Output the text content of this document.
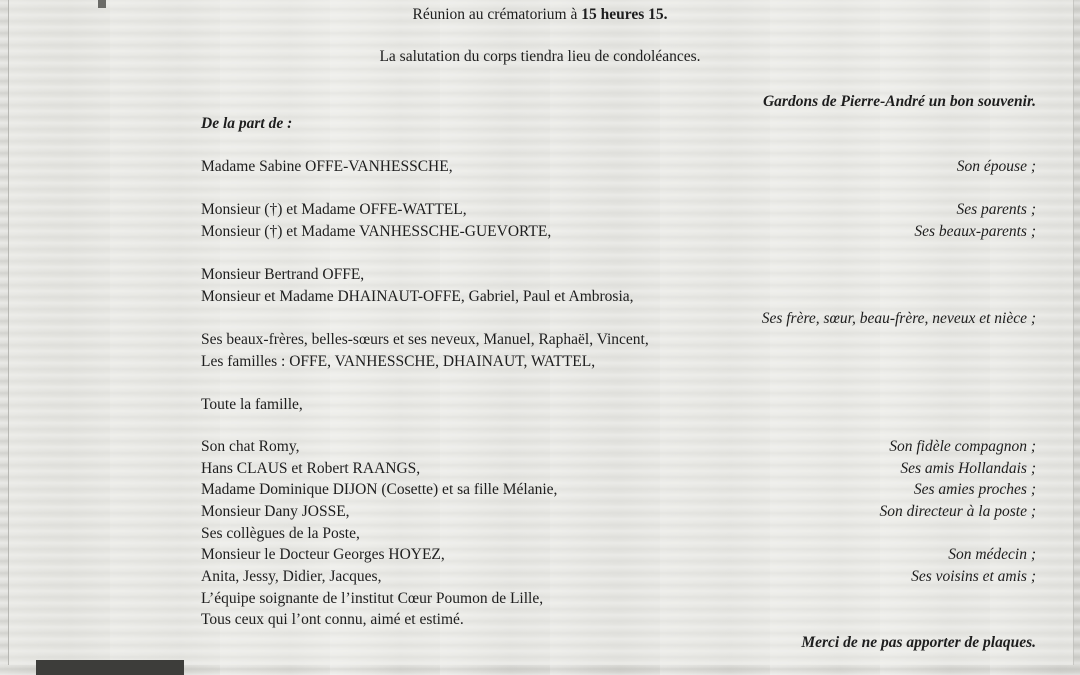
Réunion au crématorium à 15 heures 15.
La salutation du corps tiendra lieu de condoléances.
Gardons de Pierre-André un bon souvenir.
De la part de :
Madame Sabine OFFE-VANHESSCHE,	Son épouse ;
Monsieur (†) et Madame OFFE-WATTEL,	Ses parents ;
Monsieur (†) et Madame VANHESSCHE-GUEVORTE,	Ses beaux-parents ;
Monsieur Bertrand OFFE,
Monsieur et Madame DHAINAUT-OFFE, Gabriel, Paul et Ambrosia,
Ses frère, sœur, beau-frère, neveux et nièce ;
Ses beaux-frères, belles-sœurs et ses neveux, Manuel, Raphaël, Vincent,
Les familles : OFFE, VANHESSCHE, DHAINAUT, WATTEL,
Toute la famille,
Son chat Romy,	Son fidèle compagnon ;
Hans CLAUS et Robert RAANGS,	Ses amis Hollandais ;
Madame Dominique DIJON (Cosette) et sa fille Mélanie,	Ses amies proches ;
Monsieur Dany JOSSE,	Son directeur à la poste ;
Ses collègues de la Poste,
Monsieur le Docteur Georges HOYEZ,	Son médecin ;
Anita, Jessy, Didier, Jacques,	Ses voisins et amis ;
L’équipe soignante de l’institut Cœur Poumon de Lille,
Tous ceux qui l’ont connu, aimé et estimé.
Merci de ne pas apporter de plaques.
